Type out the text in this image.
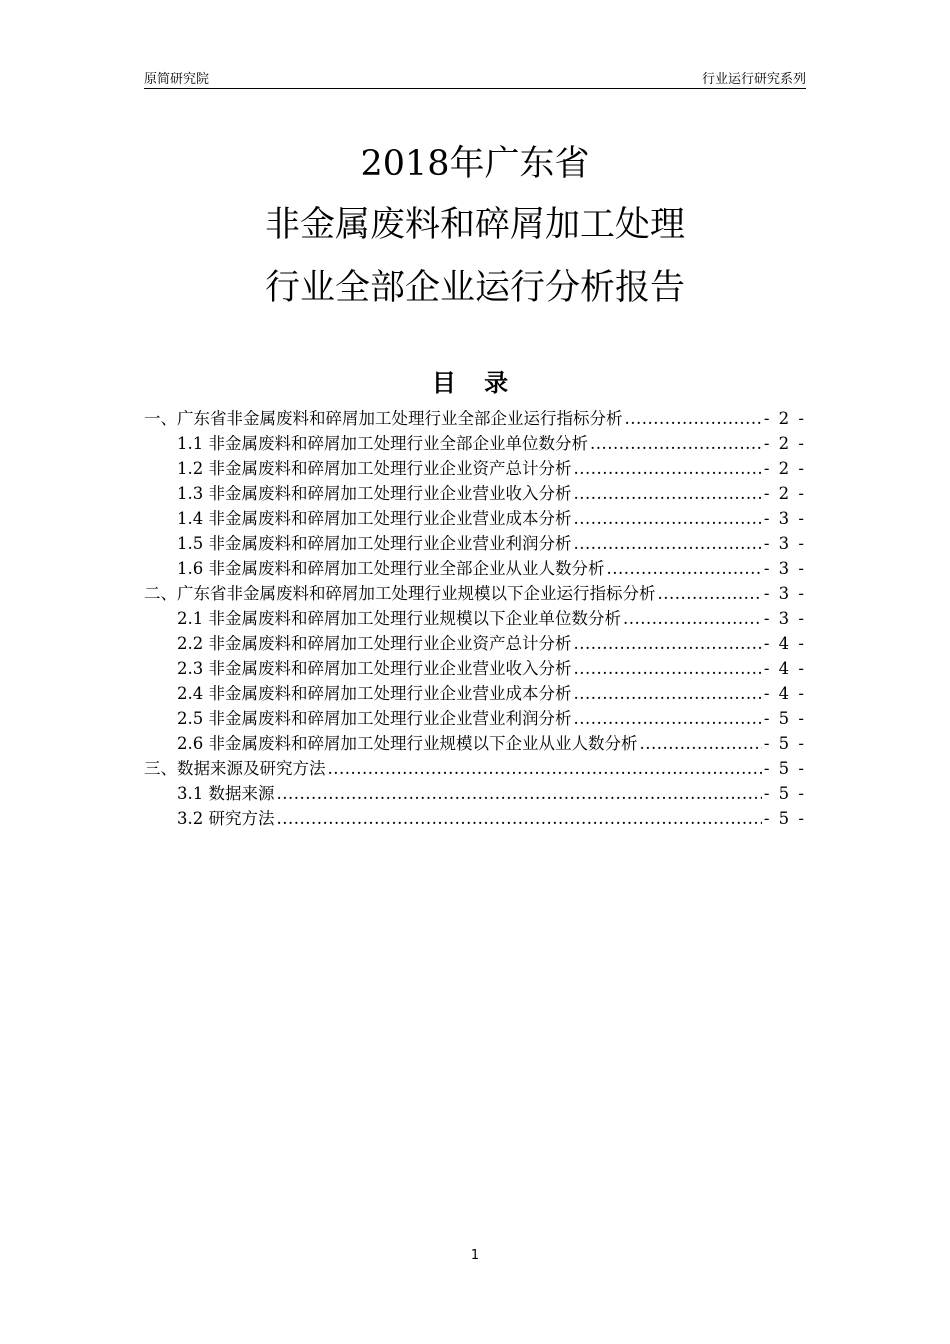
原简研究院	行业运行研究系列
2018年广东省
非金属废料和碎屑加工处理
行业全部企业运行分析报告
目 录
一、广东省非金属废料和碎屑加工处理行业全部企业运行指标分析 .....	- 2 -
1.1 非金属废料和碎屑加工处理行业全部企业单位数分析 .....	- 2 -
1.2 非金属废料和碎屑加工处理行业企业资产总计分析 .....	- 2 -
1.3 非金属废料和碎屑加工处理行业企业营业收入分析 .....	- 2 -
1.4 非金属废料和碎屑加工处理行业企业营业成本分析 .....	- 3 -
1.5 非金属废料和碎屑加工处理行业企业营业利润分析 .....	- 3 -
1.6 非金属废料和碎屑加工处理行业全部企业从业人数分析 .....	- 3 -
二、广东省非金属废料和碎屑加工处理行业规模以下企业运行指标分析 .....	- 3 -
2.1 非金属废料和碎屑加工处理行业规模以下企业单位数分析 .....	- 3 -
2.2 非金属废料和碎屑加工处理行业企业资产总计分析 .....	- 4 -
2.3 非金属废料和碎屑加工处理行业企业营业收入分析 .....	- 4 -
2.4 非金属废料和碎屑加工处理行业企业营业成本分析 .....	- 4 -
2.5 非金属废料和碎屑加工处理行业企业营业利润分析 .....	- 5 -
2.6 非金属废料和碎屑加工处理行业规模以下企业从业人数分析 .....	- 5 -
三、数据来源及研究方法 .....	- 5 -
3.1 数据来源 .....	- 5 -
3.2 研究方法 .....	- 5 -
1
